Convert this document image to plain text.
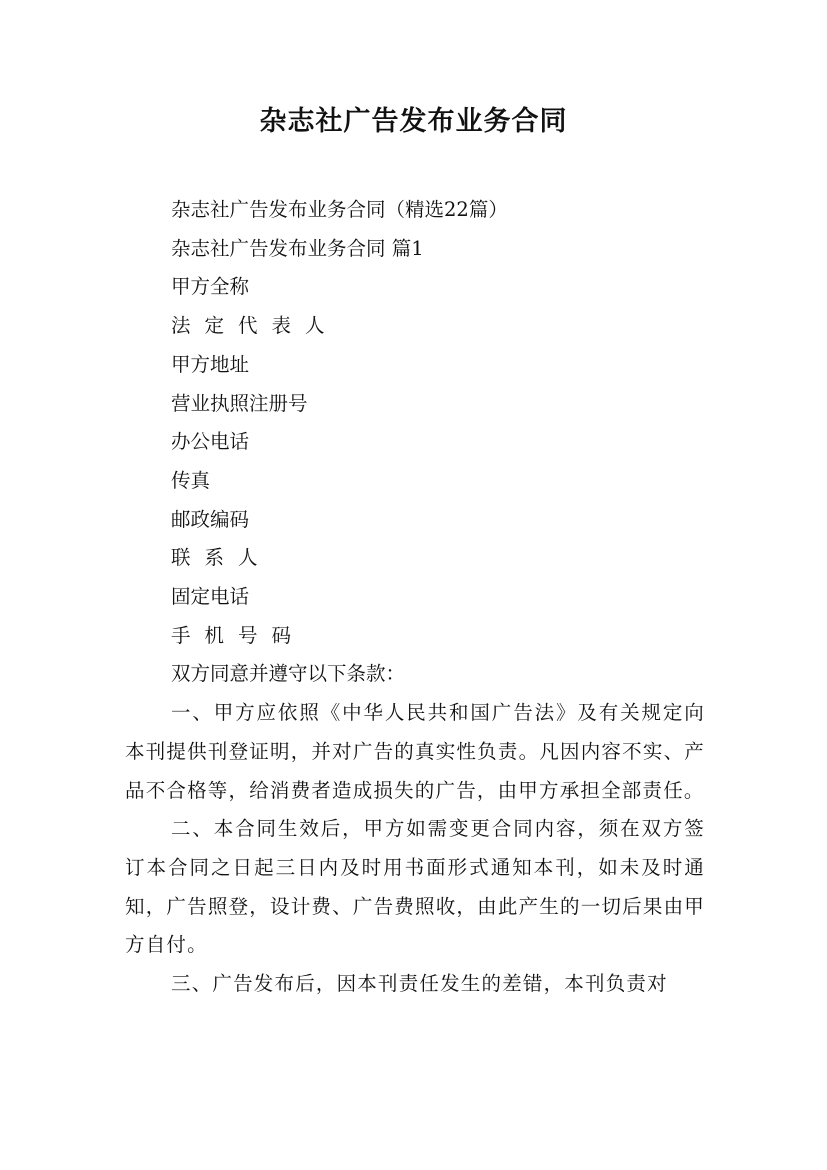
杂志社广告发布业务合同

杂志社广告发布业务合同（精选22篇）

杂志社广告发布业务合同 篇1

甲方全称

法定代表人

甲方地址

营业执照注册号

办公电话

传真

邮政编码

联系人

固定电话

手机号码

双方同意并遵守以下条款：

一、甲方应依照《中华人民共和国广告法》及有关规定向本刊提供刊登证明，并对广告的真实性负责。凡因内容不实、产品不合格等，给消费者造成损失的广告，由甲方承担全部责任。

二、本合同生效后，甲方如需变更合同内容，须在双方签订本合同之日起三日内及时用书面形式通知本刊，如未及时通知，广告照登，设计费、广告费照收，由此产生的一切后果由甲方自付。

三、广告发布后，因本刊责任发生的差错，本刊负责对
